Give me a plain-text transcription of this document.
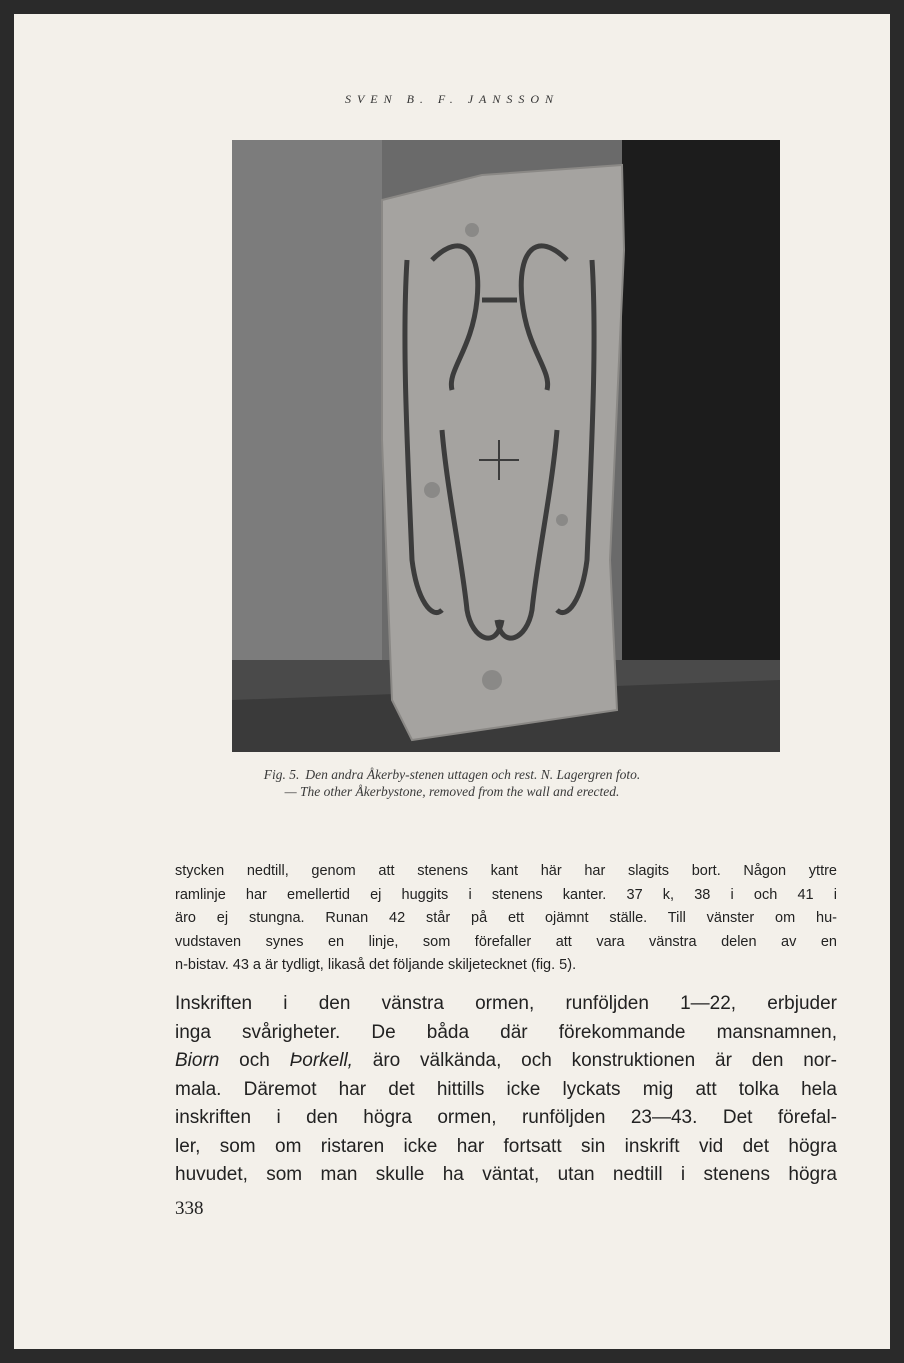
SVEN B. F. JANSSON
Fig. 5. Den andra Åkerby-stenen uttagen och rest. N. Lagergren foto.
— The other Åkerbystone, removed from the wall and erected.
stycken nedtill, genom att stenens kant här har slagits bort. Någon yttre
ramlinje har emellertid ej huggits i stenens kanter. 37 k, 38 i och 41 i
äro ej stungna. Runan 42 står på ett ojämnt ställe. Till vänster om hu-
vudstaven synes en linje, som förefaller att vara vänstra delen av en
n-bistav. 43 a är tydligt, likaså det följande skiljetecknet (fig. 5).
Inskriften i den vänstra ormen, runföljden 1—22, erbjuder
inga svårigheter. De båda där förekommande mansnamnen,
Biorn och Þorkell, äro välkända, och konstruktionen är den nor-
mala. Däremot har det hittills icke lyckats mig att tolka hela
inskriften i den högra ormen, runföljden 23—43. Det förefal-
ler, som om ristaren icke har fortsatt sin inskrift vid det högra
huvudet, som man skulle ha väntat, utan nedtill i stenens högra
338
